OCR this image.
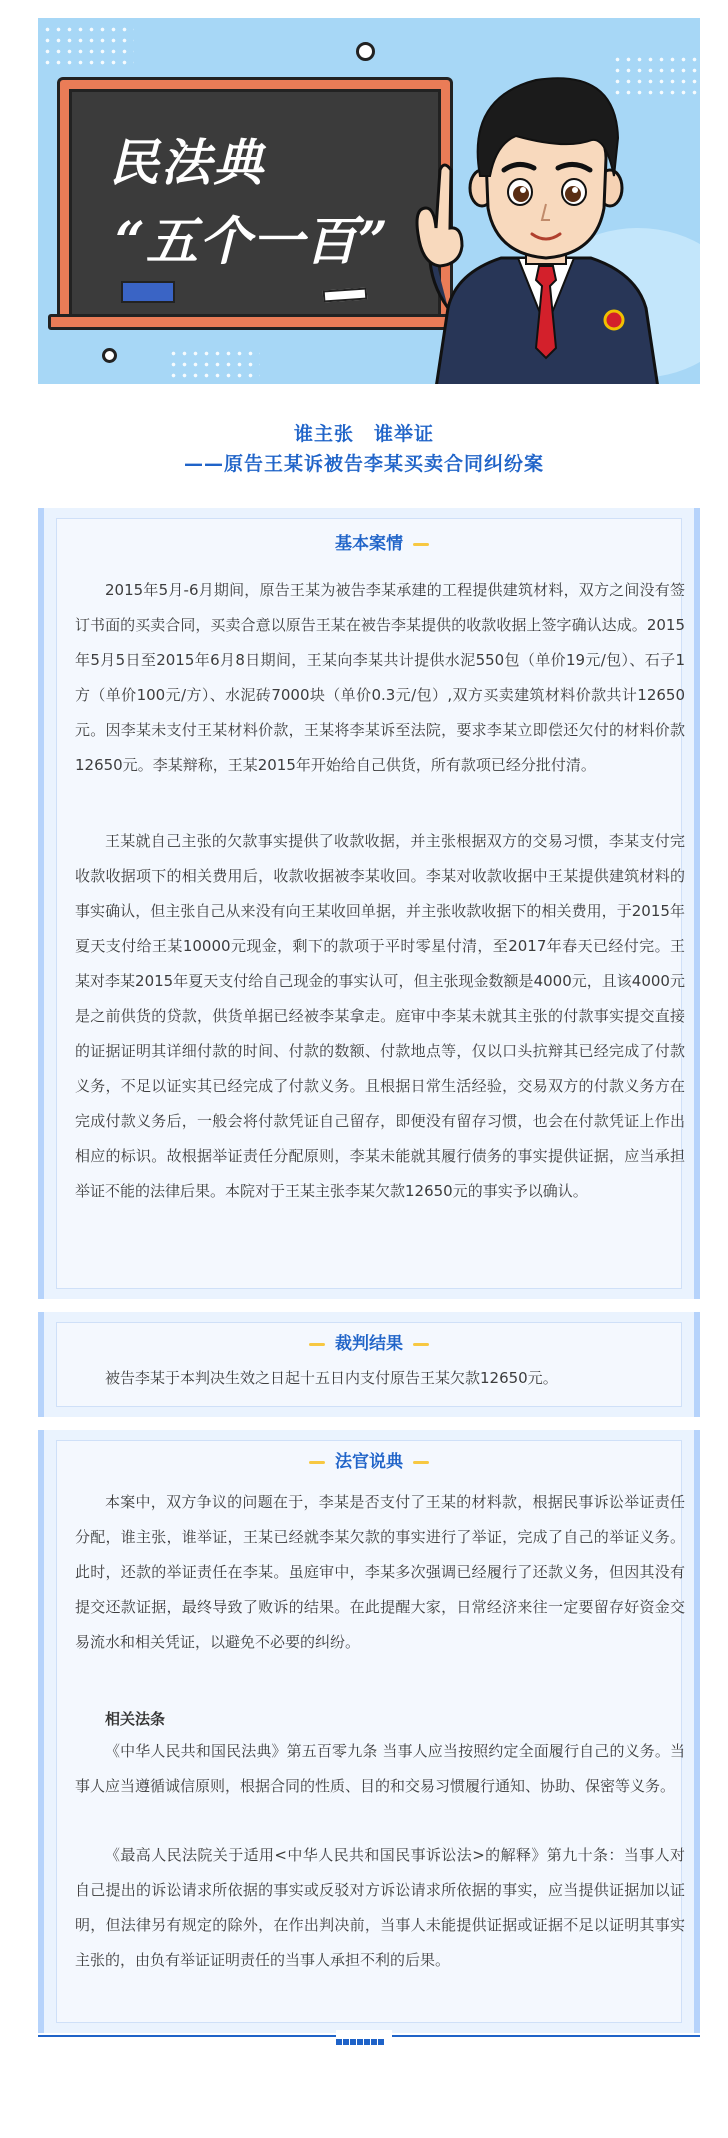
民法典
“五个一百”
谁主张　谁举证
——原告王某诉被告李某买卖合同纠纷案
基本案情

2015年5月-6月期间，原告王某为被告李某承建的工程提供建筑材料，双方之间没有签订书面的买卖合同，买卖合意以原告王某在被告李某提供的收款收据上签字确认达成。2015年5月5日至2015年6月8日期间，王某向李某共计提供水泥550包（单价19元/包）、石子1方（单价100元/方）、水泥砖7000块（单价0.3元/包）,双方买卖建筑材料价款共计12650元。因李某未支付王某材料价款，王某将李某诉至法院，要求李某立即偿还欠付的材料价款12650元。李某辩称，王某2015年开始给自己供货，所有款项已经分批付清。

王某就自己主张的欠款事实提供了收款收据，并主张根据双方的交易习惯，李某支付完收款收据项下的相关费用后，收款收据被李某收回。李某对收款收据中王某提供建筑材料的事实确认，但主张自己从来没有向王某收回单据，并主张收款收据下的相关费用，于2015年夏天支付给王某10000元现金，剩下的款项于平时零星付清，至2017年春天已经付完。王某对李某2015年夏天支付给自己现金的事实认可，但主张现金数额是4000元，且该4000元是之前供货的贷款，供货单据已经被李某拿走。庭审中李某未就其主张的付款事实提交直接的证据证明其详细付款的时间、付款的数额、付款地点等，仅以口头抗辩其已经完成了付款义务，不足以证实其已经完成了付款义务。且根据日常生活经验，交易双方的付款义务方在完成付款义务后，一般会将付款凭证自己留存，即便没有留存习惯，也会在付款凭证上作出相应的标识。故根据举证责任分配原则，李某未能就其履行债务的事实提供证据，应当承担举证不能的法律后果。本院对于王某主张李某欠款12650元的事实予以确认。

裁判结果

被告李某于本判决生效之日起十五日内支付原告王某欠款12650元。

法官说典

本案中，双方争议的问题在于，李某是否支付了王某的材料款，根据民事诉讼举证责任分配，谁主张，谁举证，王某已经就李某欠款的事实进行了举证，完成了自己的举证义务。此时，还款的举证责任在李某。虽庭审中，李某多次强调已经履行了还款义务，但因其没有提交还款证据，最终导致了败诉的结果。在此提醒大家，日常经济来往一定要留存好资金交易流水和相关凭证，以避免不必要的纠纷。

相关法条

《中华人民共和国民法典》第五百零九条 当事人应当按照约定全面履行自己的义务。当事人应当遵循诚信原则，根据合同的性质、目的和交易习惯履行通知、协助、保密等义务。

《最高人民法院关于适用<中华人民共和国民事诉讼法>的解释》第九十条：当事人对自己提出的诉讼请求所依据的事实或反驳对方诉讼请求所依据的事实，应当提供证据加以证明，但法律另有规定的除外，在作出判决前，当事人未能提供证据或证据不足以证明其事实主张的，由负有举证证明责任的当事人承担不利的后果。
